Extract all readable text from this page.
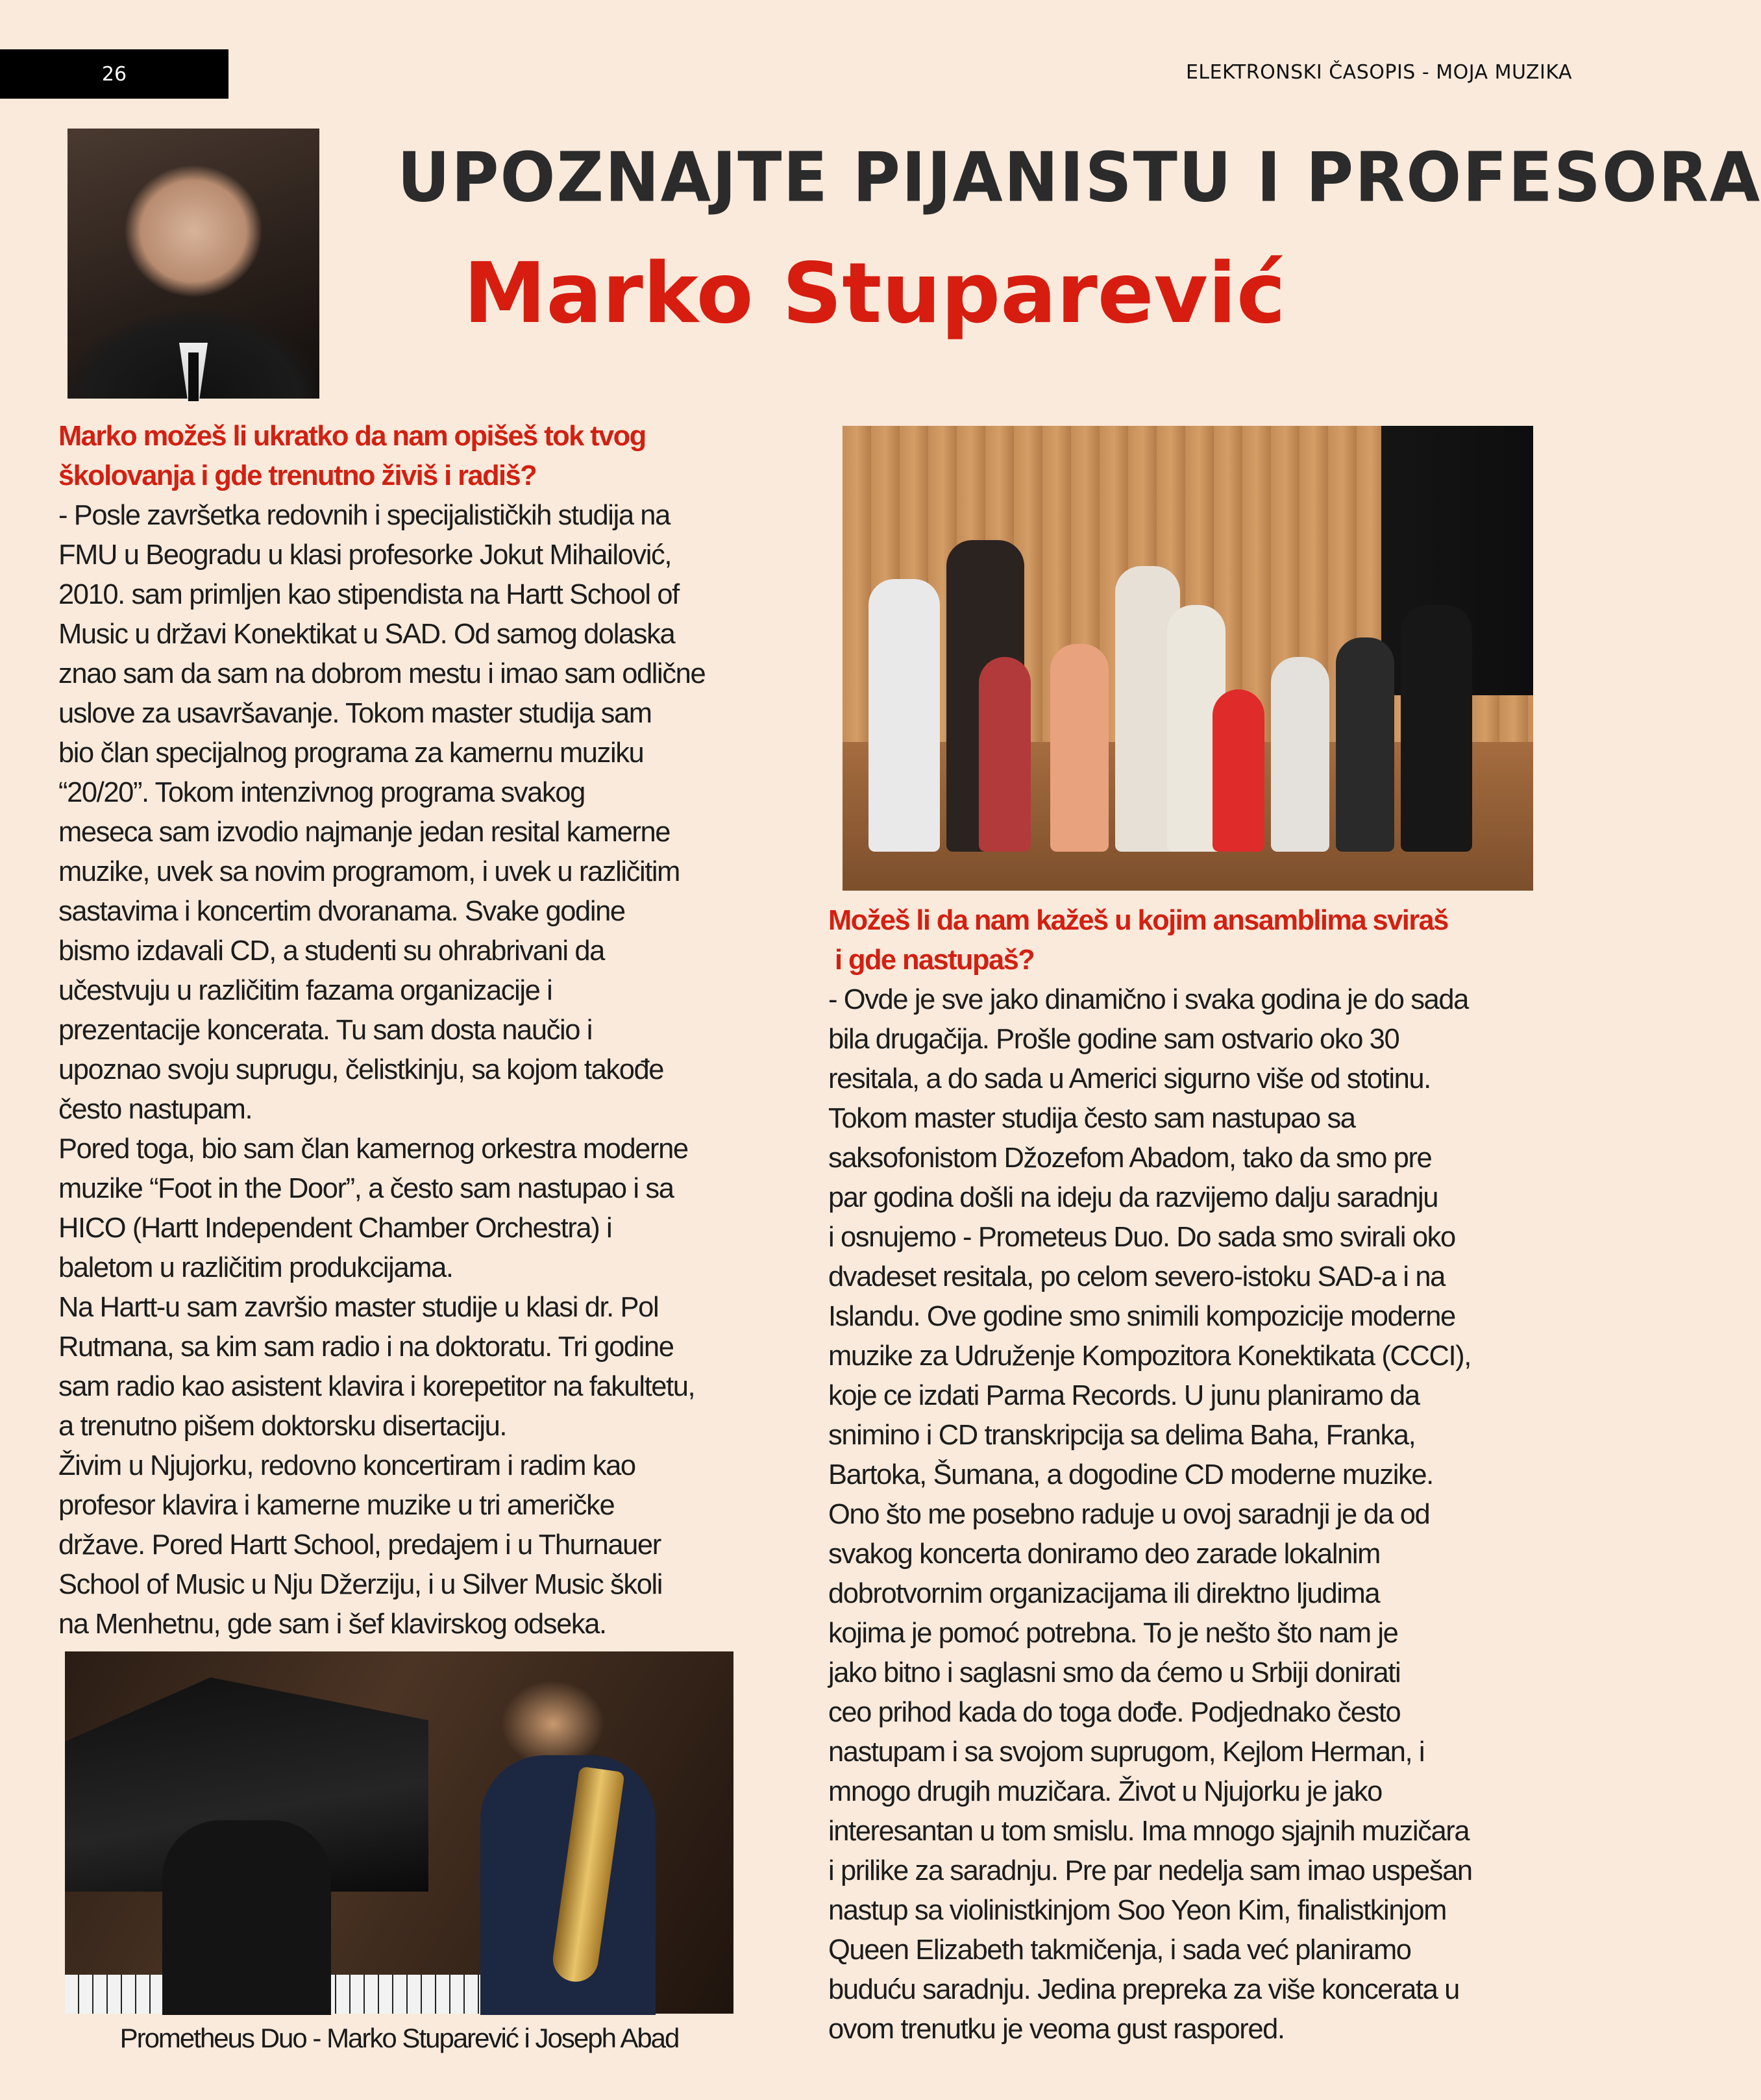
26	ELEKTRONSKI ČASOPIS - MOJA MUZIKA
UPOZNAJTE PIJANISTU I PROFESORA
Marko Stuparević
Marko možeš li ukratko da nam opišeš tok tvog
školovanja i gde trenutno živiš i radiš?
- Posle završetka redovnih i specijalističkih studija na
FMU u Beogradu u klasi profesorke Jokut Mihailović,
2010. sam primljen kao stipendista na Hartt School of
Music u državi Konektikat u SAD. Od samog dolaska
znao sam da sam na dobrom mestu i imao sam odlične
uslove za usavršavanje. Tokom master studija sam
bio član specijalnog programa za kamernu muziku
“20/20”. Tokom intenzivnog programa svakog
meseca sam izvodio najmanje jedan resital kamerne
muzike, uvek sa novim programom, i uvek u različitim
sastavima i koncertim dvoranama. Svake godine
bismo izdavali CD, a studenti su ohrabrivani da
učestvuju u različitim fazama organizacije i
prezentacije koncerata. Tu sam dosta naučio i
upoznao svoju suprugu, čelistkinju, sa kojom takođe
često nastupam.
Pored toga, bio sam član kamernog orkestra moderne
muzike “Foot in the Door”, a često sam nastupao i sa
HICO (Hartt Independent Chamber Orchestra) i
baletom u različitim produkcijama.
Na Hartt-u sam završio master studije u klasi dr. Pol
Rutmana, sa kim sam radio i na doktoratu. Tri godine
sam radio kao asistent klavira i korepetitor na fakultetu,
a trenutno pišem doktorsku disertaciju.
Živim u Njujorku, redovno koncertiram i radim kao
profesor klavira i kamerne muzike u tri američke
države. Pored Hartt School, predajem i u Thurnauer
School of Music u Nju Džerziju, i u Silver Music školi
na Menhetnu, gde sam i šef klavirskog odseka.
Možeš li da nam kažeš u kojim ansamblima sviraš
i gde nastupaš?
- Ovde je sve jako dinamično i svaka godina je do sada
bila drugačija. Prošle godine sam ostvario oko 30
resitala, a do sada u Americi sigurno više od stotinu.
Tokom master studija često sam nastupao sa
saksofonistom Džozefom Abadom, tako da smo pre
par godina došli na ideju da razvijemo dalju saradnju
i osnujemo - Prometeus Duo. Do sada smo svirali oko
dvadeset resitala, po celom severo-istoku SAD-a i na
Islandu. Ove godine smo snimili kompozicije moderne
muzike za Udruženje Kompozitora Konektikata (CCCI),
koje ce izdati Parma Records. U junu planiramo da
snimino i CD transkripcija sa delima Baha, Franka,
Bartoka, Šumana, a dogodine CD moderne muzike.
Ono što me posebno raduje u ovoj saradnji je da od
svakog koncerta doniramo deo zarade lokalnim
dobrotvornim organizacijama ili direktno ljudima
kojima je pomoć potrebna. To je nešto što nam je
jako bitno i saglasni smo da ćemo u Srbiji donirati
ceo prihod kada do toga dođe. Podjednako često
nastupam i sa svojom suprugom, Kejlom Herman, i
mnogo drugih muzičara. Život u Njujorku je jako
interesantan u tom smislu. Ima mnogo sjajnih muzičara
i prilike za saradnju. Pre par nedelja sam imao uspešan
nastup sa violinistkinjom Soo Yeon Kim, finalistkinjom
Queen Elizabeth takmičenja, i sada već planiramo
buduću saradnju. Jedina prepreka za više koncerata u
ovom trenutku je veoma gust raspored.
Prometheus Duo - Marko Stuparević i Joseph Abad
